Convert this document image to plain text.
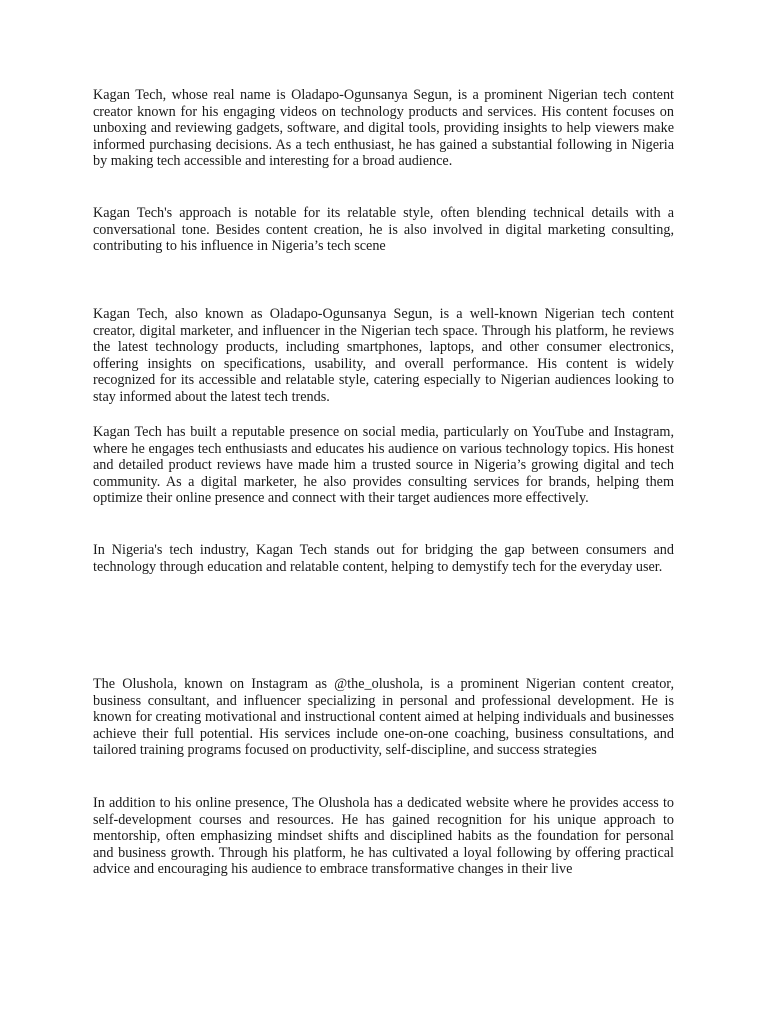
Kagan Tech, whose real name is Oladapo-Ogunsanya Segun, is a prominent Nigerian tech content creator known for his engaging videos on technology products and services. His content focuses on unboxing and reviewing gadgets, software, and digital tools, providing insights to help viewers make informed purchasing decisions. As a tech enthusiast, he has gained a substantial following in Nigeria by making tech accessible and interesting for a broad audience.

Kagan Tech's approach is notable for its relatable style, often blending technical details with a conversational tone. Besides content creation, he is also involved in digital marketing consulting, contributing to his influence in Nigeria’s tech scene

Kagan Tech, also known as Oladapo-Ogunsanya Segun, is a well-known Nigerian tech content creator, digital marketer, and influencer in the Nigerian tech space. Through his platform, he reviews the latest technology products, including smartphones, laptops, and other consumer electronics, offering insights on specifications, usability, and overall performance. His content is widely recognized for its accessible and relatable style, catering especially to Nigerian audiences looking to stay informed about the latest tech trends.

Kagan Tech has built a reputable presence on social media, particularly on YouTube and Instagram, where he engages tech enthusiasts and educates his audience on various technology topics. His honest and detailed product reviews have made him a trusted source in Nigeria’s growing digital and tech community. As a digital marketer, he also provides consulting services for brands, helping them optimize their online presence and connect with their target audiences more effectively.

In Nigeria's tech industry, Kagan Tech stands out for bridging the gap between consumers and technology through education and relatable content, helping to demystify tech for the everyday user.

The Olushola, known on Instagram as @the_olushola, is a prominent Nigerian content creator, business consultant, and influencer specializing in personal and professional development. He is known for creating motivational and instructional content aimed at helping individuals and businesses achieve their full potential. His services include one-on-one coaching, business consultations, and tailored training programs focused on productivity, self-discipline, and success strategies

In addition to his online presence, The Olushola has a dedicated website where he provides access to self-development courses and resources. He has gained recognition for his unique approach to mentorship, often emphasizing mindset shifts and disciplined habits as the foundation for personal and business growth. Through his platform, he has cultivated a loyal following by offering practical advice and encouraging his audience to embrace transformative changes in their live
